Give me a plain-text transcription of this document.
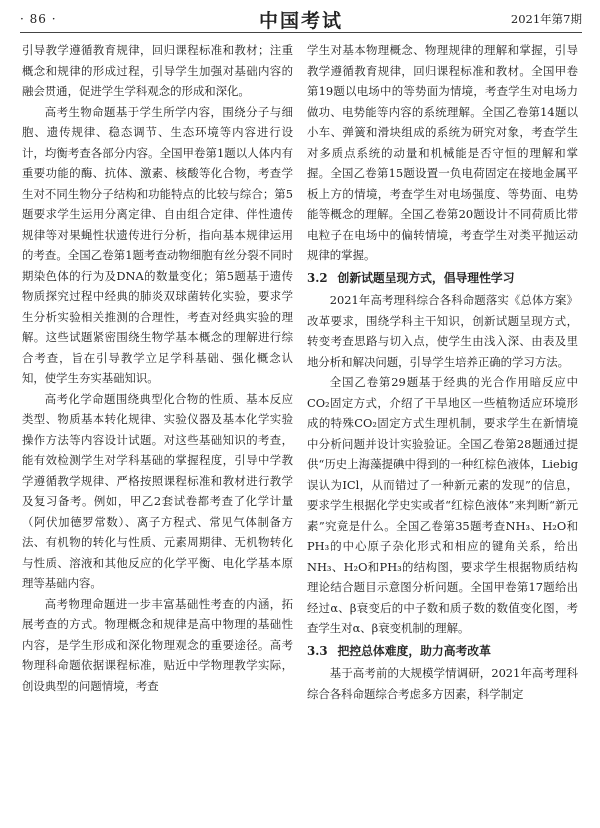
· 86 ·	中国考试	2021年第7期

引导教学遵循教育规律，回归课程标准和教材；注重概念和规律的形成过程，引导学生加强对基础内容的融会贯通，促进学生学科观念的形成和深化。

高考生物命题基于学生所学内容，围绕分子与细胞、遗传规律、稳态调节、生态环境等内容进行设计，均衡考查各部分内容。全国甲卷第1题以人体内有重要功能的酶、抗体、激素、核酸等化合物，考查学生对不同生物分子结构和功能特点的比较与综合；第5题要求学生运用分离定律、自由组合定律、伴性遗传规律等对果蝇性状遗传进行分析，指向基本规律运用的考查。全国乙卷第1题考查动物细胞有丝分裂不同时期染色体的行为及DNA的数量变化；第5题基于遗传物质探究过程中经典的肺炎双球菌转化实验，要求学生分析实验相关推测的合理性，考查对经典实验的理解。这些试题紧密围绕生物学基本概念的理解进行综合考查，旨在引导教学立足学科基础、强化概念认知，使学生夯实基础知识。

高考化学命题围绕典型化合物的性质、基本反应类型、物质基本转化规律、实验仪器及基本化学实验操作方法等内容设计试题。对这些基础知识的考查，能有效检测学生对学科基础的掌握程度，引导中学教学遵循教学规律、严格按照课程标准和教材进行教学及复习备考。例如，甲乙2套试卷都考查了化学计量（阿伏加德罗常数）、离子方程式、常见气体制备方法、有机物的转化与性质、元素周期律、无机物转化与性质、溶液和其他反应的化学平衡、电化学基本原理等基础内容。

高考物理命题进一步丰富基础性考查的内涵，拓展考查的方式。物理概念和规律是高中物理的基础性内容，是学生形成和深化物理观念的重要途径。高考物理科命题依据课程标准，贴近中学物理教学实际，创设典型的问题情境，考查

学生对基本物理概念、物理规律的理解和掌握，引导教学遵循教育规律，回归课程标准和教材。全国甲卷第19题以电场中的等势面为情境，考查学生对电场力做功、电势能等内容的系统理解。全国乙卷第14题以小车、弹簧和滑块组成的系统为研究对象，考查学生对多质点系统的动量和机械能是否守恒的理解和掌握。全国乙卷第15题设置一负电荷固定在接地金属平板上方的情境，考查学生对电场强度、等势面、电势能等概念的理解。全国乙卷第20题设计不同荷质比带电粒子在电场中的偏转情境，考查学生对类平抛运动规律的掌握。

3.2 创新试题呈现方式，倡导理性学习

2021年高考理科综合各科命题落实《总体方案》改革要求，围绕学科主干知识，创新试题呈现方式，转变考查思路与切入点，使学生由浅入深、由表及里地分析和解决问题，引导学生培养正确的学习方法。

全国乙卷第29题基于经典的光合作用暗反应中CO₂固定方式，介绍了干旱地区一些植物适应环境形成的特殊CO₂固定方式生理机制，要求学生在新情境中分析问题并设计实验验证。全国乙卷第28题通过提供“历史上海藻提碘中得到的一种红棕色液体，Liebig误认为ICl，从而错过了一种新元素的发现”的信息，要求学生根据化学史实或者“红棕色液体”来判断“新元素”究竟是什么。全国乙卷第35题考查NH₃、H₂O和PH₃的中心原子杂化形式和相应的键角关系，给出NH₃、H₂O和PH₃的结构图，要求学生根据物质结构理论结合题目示意图分析问题。全国甲卷第17题给出经过α、β衰变后的中子数和质子数的数值变化图，考查学生对α、β衰变机制的理解。

3.3 把控总体难度，助力高考改革

基于高考前的大规模学情调研，2021年高考理科综合各科命题综合考虑多方因素，科学制定
